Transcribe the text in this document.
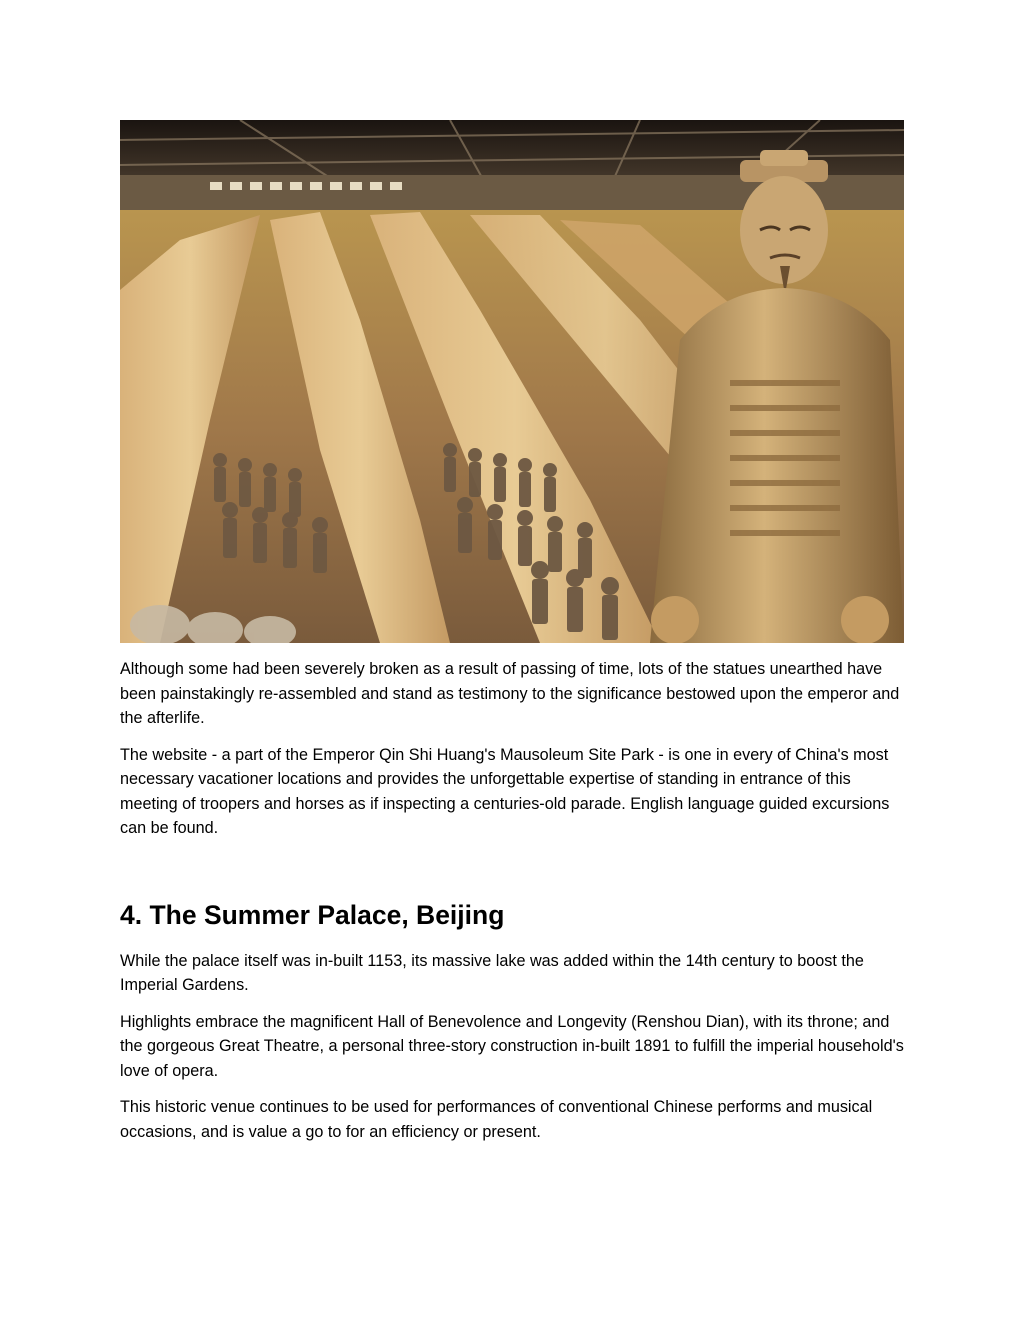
Although some had been severely broken as a result of passing of time, lots of the statues unearthed have been painstakingly re-assembled and stand as testimony to the significance bestowed upon the emperor and the afterlife.

The website - a part of the Emperor Qin Shi Huang's Mausoleum Site Park - is one in every of China's most necessary vacationer locations and provides the unforgettable expertise of standing in entrance of this meeting of troopers and horses as if inspecting a centuries-old parade. English language guided excursions can be found.

4. The Summer Palace, Beijing

While the palace itself was in-built 1153, its massive lake was added within the 14th century to boost the Imperial Gardens.

Highlights embrace the magnificent Hall of Benevolence and Longevity (Renshou Dian), with its throne; and the gorgeous Great Theatre, a personal three-story construction in-built 1891 to fulfill the imperial household's love of opera.

This historic venue continues to be used for performances of conventional Chinese performs and musical occasions, and is value a go to for an efficiency or present.
